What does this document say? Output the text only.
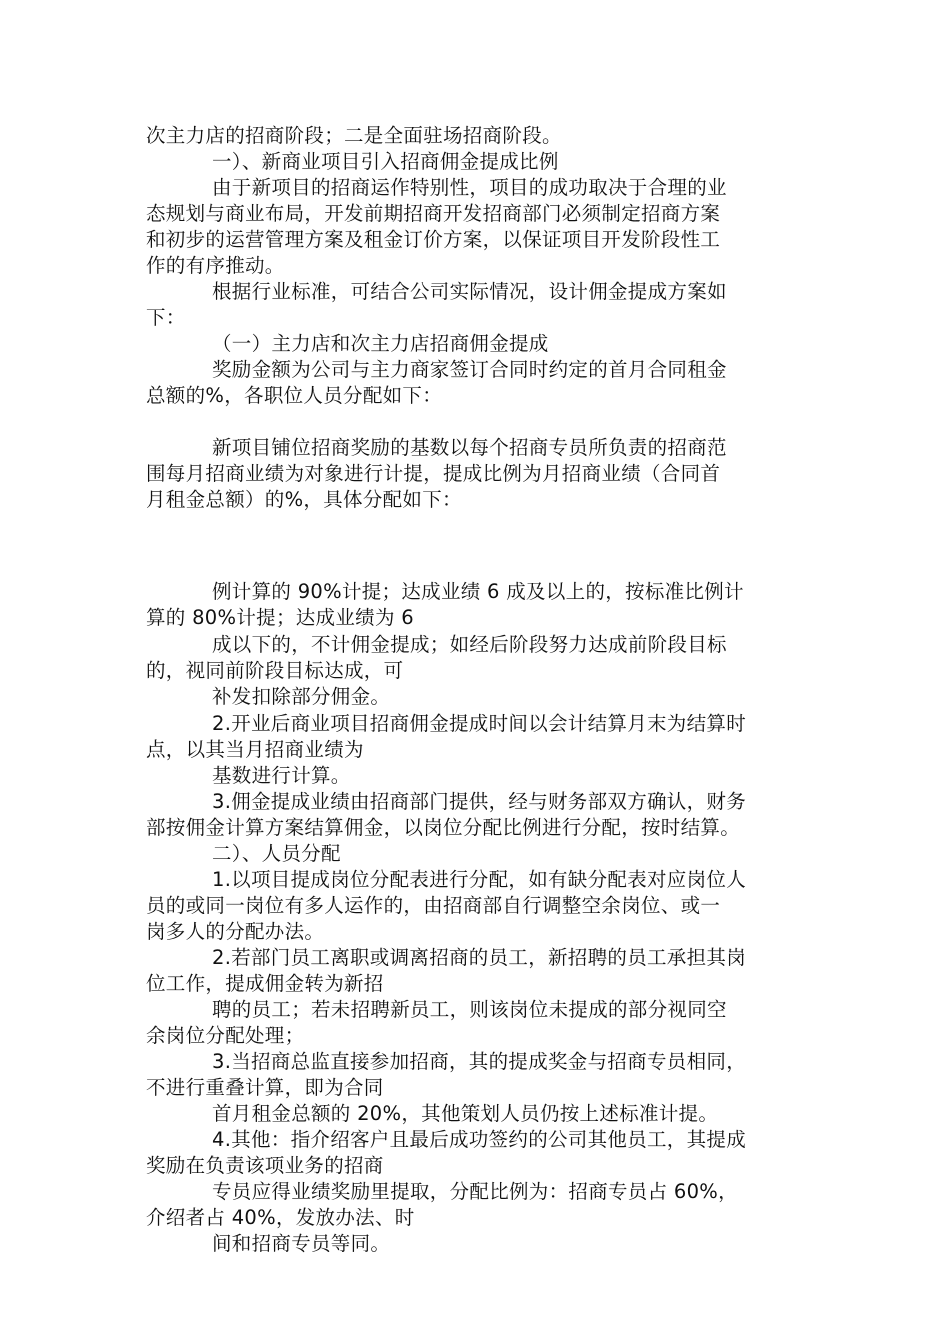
次主力店的招商阶段；二是全面驻场招商阶段。
一）、新商业项目引入招商佣金提成比例
由于新项目的招商运作特别性，项目的成功取决于合理的业
态规划与商业布局，开发前期招商开发招商部门必须制定招商方案
和初步的运营管理方案及租金订价方案，以保证项目开发阶段性工
作的有序推动。
根据行业标准，可结合公司实际情况，设计佣金提成方案如
下：
（一）主力店和次主力店招商佣金提成
奖励金额为公司与主力商家签订合同时约定的首月合同租金
总额的%，各职位人员分配如下：
新项目铺位招商奖励的基数以每个招商专员所负责的招商范
围每月招商业绩为对象进行计提，提成比例为月招商业绩（合同首
月租金总额）的%，具体分配如下：
例计算的 90%计提；达成业绩 6 成及以上的，按标准比例计
算的 80%计提；达成业绩为 6
成以下的，不计佣金提成；如经后阶段努力达成前阶段目标
的，视同前阶段目标达成，可
补发扣除部分佣金。
2.开业后商业项目招商佣金提成时间以会计结算月末为结算时
点，以其当月招商业绩为
基数进行计算。
3.佣金提成业绩由招商部门提供，经与财务部双方确认，财务
部按佣金计算方案结算佣金，以岗位分配比例进行分配，按时结算。
二）、人员分配
1.以项目提成岗位分配表进行分配，如有缺分配表对应岗位人
员的或同一岗位有多人运作的，由招商部自行调整空余岗位、或一
岗多人的分配办法。
2.若部门员工离职或调离招商的员工，新招聘的员工承担其岗
位工作，提成佣金转为新招
聘的员工；若未招聘新员工，则该岗位未提成的部分视同空
余岗位分配处理；
3.当招商总监直接参加招商，其的提成奖金与招商专员相同，
不进行重叠计算，即为合同
首月租金总额的 20%，其他策划人员仍按上述标准计提。
4.其他：指介绍客户且最后成功签约的公司其他员工，其提成
奖励在负责该项业务的招商
专员应得业绩奖励里提取，分配比例为：招商专员占 60%，
介绍者占 40%，发放办法、时
间和招商专员等同。
